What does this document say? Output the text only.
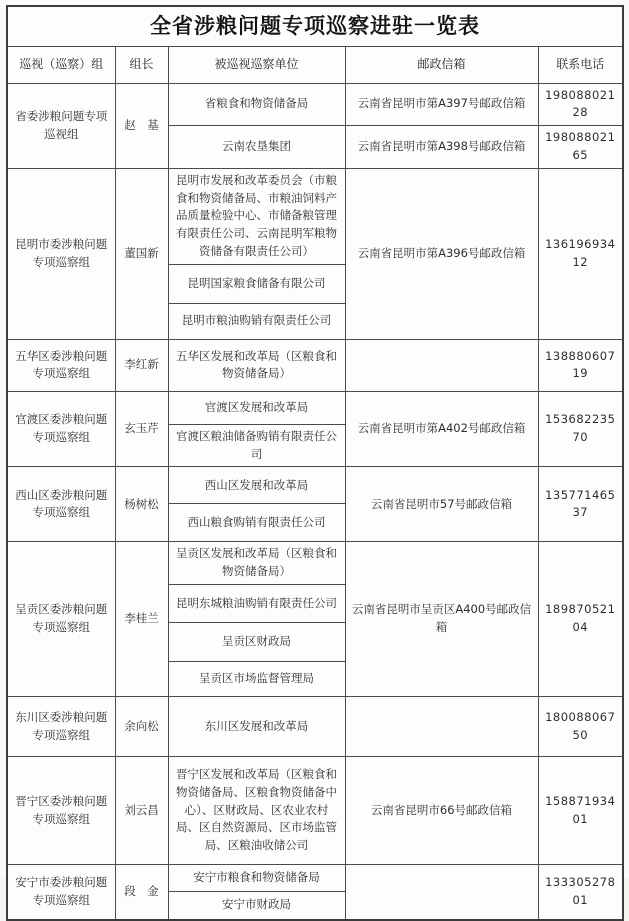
全省涉粮问题专项巡察进驻一览表				
巡视（巡察）组	组长	被巡视巡察单位	邮政信箱	联系电话
省委涉粮问题专项巡视组	赵　基	省粮食和物资储备局	云南省昆明市第A397号邮政信箱	19808802128
		云南农垦集团	云南省昆明市第A398号邮政信箱	19808802165
昆明市委涉粮问题专项巡察组	董国新	昆明市发展和改革委员会（市粮食和物资储备局、市粮油饲料产品质量检验中心、市储备粮管理有限责任公司、云南昆明军粮物资储备有限责任公司）	云南省昆明市第A396号邮政信箱	13619693412
		昆明国家粮食储备有限公司		
		昆明市粮油购销有限责任公司		
五华区委涉粮问题专项巡察组	李红新	五华区发展和改革局（区粮食和物资储备局）		13888060719
官渡区委涉粮问题专项巡察组	玄玉芹	官渡区发展和改革局	云南省昆明市第A402号邮政信箱	15368223570
		官渡区粮油储备购销有限责任公司		
西山区委涉粮问题专项巡察组	杨树松	西山区发展和改革局	云南省昆明市57号邮政信箱	13577146537
		西山粮食购销有限责任公司		
呈贡区委涉粮问题专项巡察组	李桂兰	呈贡区发展和改革局（区粮食和物资储备局）	云南省昆明市呈贡区A400号邮政信箱	18987052104
		昆明东城粮油购销有限责任公司		
		呈贡区财政局		
		呈贡区市场监督管理局		
东川区委涉粮问题专项巡察组	余向松	东川区发展和改革局		18008806750
晋宁区委涉粮问题专项巡察组	刘云昌	晋宁区发展和改革局（区粮食和物资储备局、区粮食物资储备中心）、区财政局、区农业农村局、区自然资源局、区市场监管局、区粮油收储公司	云南省昆明市66号邮政信箱	15887193401
安宁市委涉粮问题专项巡察组	段　金	安宁市粮食和物资储备局		13330527801
		安宁市财政局		
